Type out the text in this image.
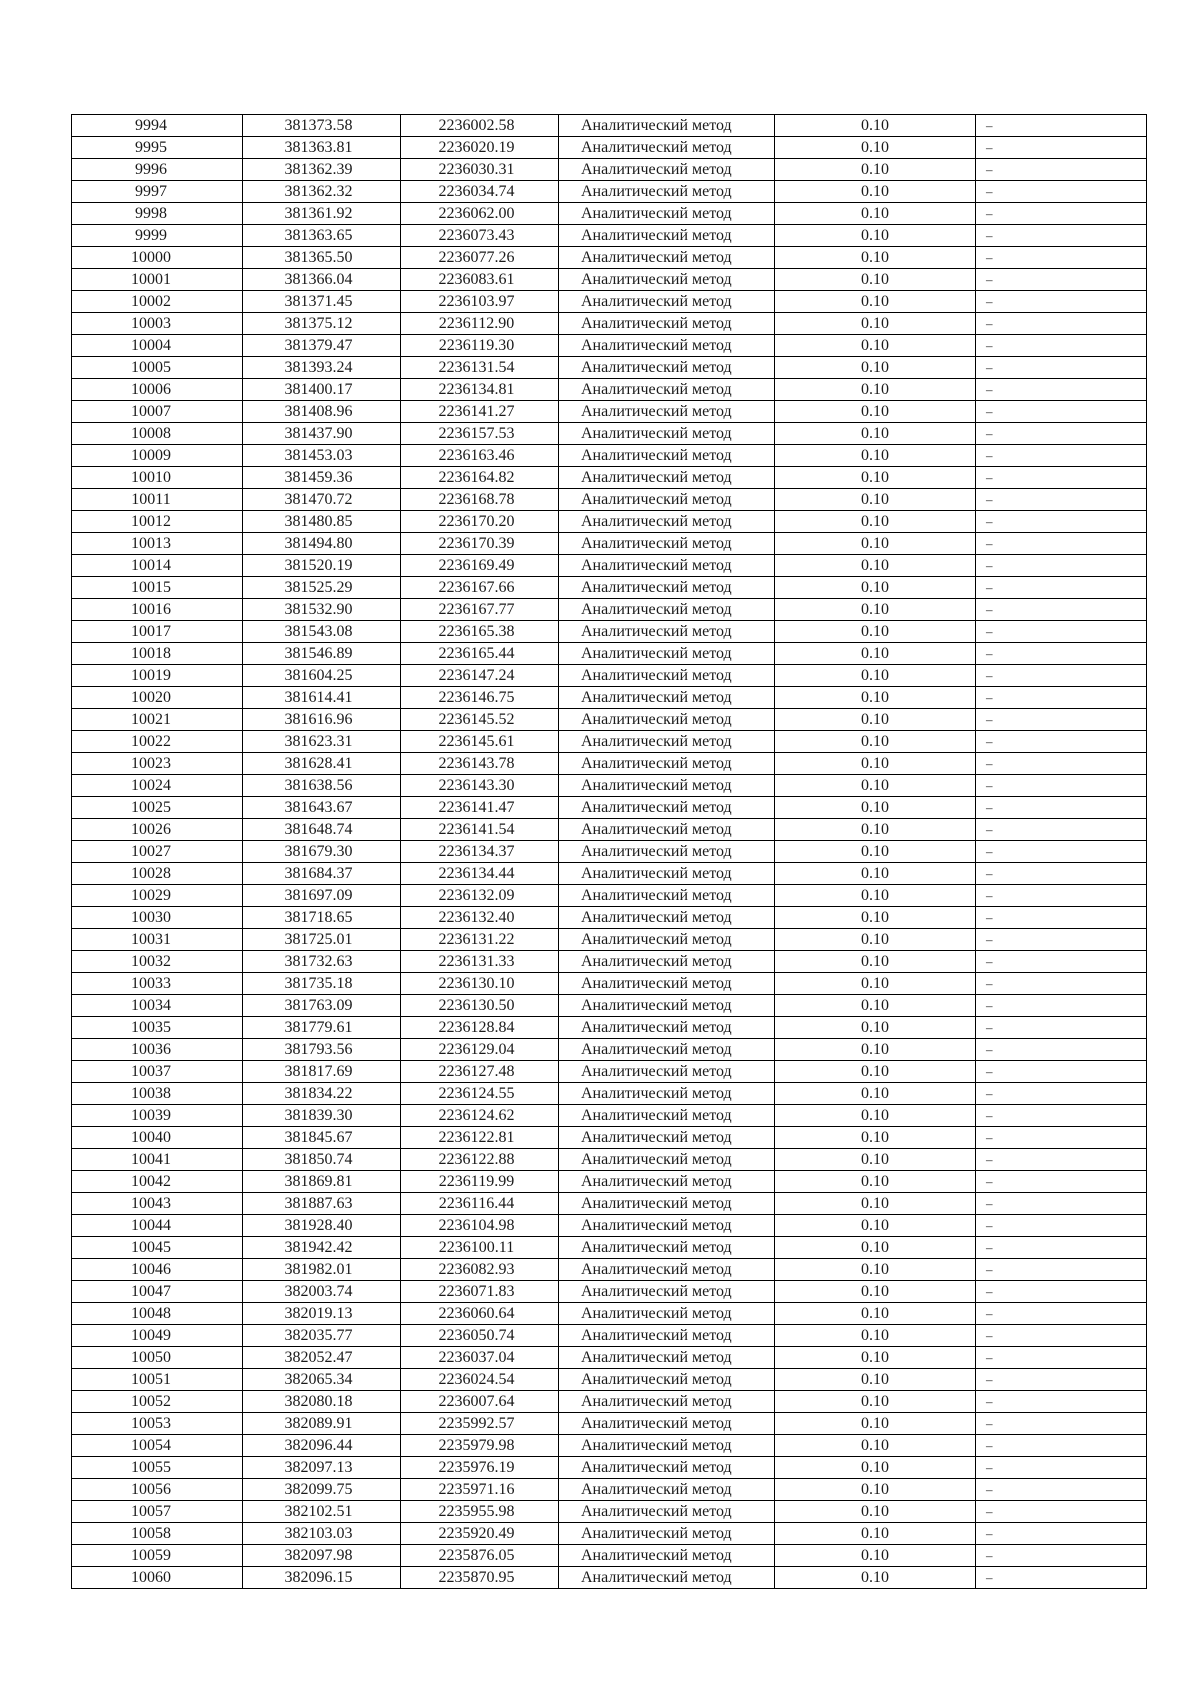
9994	381373.58	2236002.58	Аналитический метод	0.10	–
9995	381363.81	2236020.19	Аналитический метод	0.10	–
9996	381362.39	2236030.31	Аналитический метод	0.10	–
9997	381362.32	2236034.74	Аналитический метод	0.10	–
9998	381361.92	2236062.00	Аналитический метод	0.10	–
9999	381363.65	2236073.43	Аналитический метод	0.10	–
10000	381365.50	2236077.26	Аналитический метод	0.10	–
10001	381366.04	2236083.61	Аналитический метод	0.10	–
10002	381371.45	2236103.97	Аналитический метод	0.10	–
10003	381375.12	2236112.90	Аналитический метод	0.10	–
10004	381379.47	2236119.30	Аналитический метод	0.10	–
10005	381393.24	2236131.54	Аналитический метод	0.10	–
10006	381400.17	2236134.81	Аналитический метод	0.10	–
10007	381408.96	2236141.27	Аналитический метод	0.10	–
10008	381437.90	2236157.53	Аналитический метод	0.10	–
10009	381453.03	2236163.46	Аналитический метод	0.10	–
10010	381459.36	2236164.82	Аналитический метод	0.10	–
10011	381470.72	2236168.78	Аналитический метод	0.10	–
10012	381480.85	2236170.20	Аналитический метод	0.10	–
10013	381494.80	2236170.39	Аналитический метод	0.10	–
10014	381520.19	2236169.49	Аналитический метод	0.10	–
10015	381525.29	2236167.66	Аналитический метод	0.10	–
10016	381532.90	2236167.77	Аналитический метод	0.10	–
10017	381543.08	2236165.38	Аналитический метод	0.10	–
10018	381546.89	2236165.44	Аналитический метод	0.10	–
10019	381604.25	2236147.24	Аналитический метод	0.10	–
10020	381614.41	2236146.75	Аналитический метод	0.10	–
10021	381616.96	2236145.52	Аналитический метод	0.10	–
10022	381623.31	2236145.61	Аналитический метод	0.10	–
10023	381628.41	2236143.78	Аналитический метод	0.10	–
10024	381638.56	2236143.30	Аналитический метод	0.10	–
10025	381643.67	2236141.47	Аналитический метод	0.10	–
10026	381648.74	2236141.54	Аналитический метод	0.10	–
10027	381679.30	2236134.37	Аналитический метод	0.10	–
10028	381684.37	2236134.44	Аналитический метод	0.10	–
10029	381697.09	2236132.09	Аналитический метод	0.10	–
10030	381718.65	2236132.40	Аналитический метод	0.10	–
10031	381725.01	2236131.22	Аналитический метод	0.10	–
10032	381732.63	2236131.33	Аналитический метод	0.10	–
10033	381735.18	2236130.10	Аналитический метод	0.10	–
10034	381763.09	2236130.50	Аналитический метод	0.10	–
10035	381779.61	2236128.84	Аналитический метод	0.10	–
10036	381793.56	2236129.04	Аналитический метод	0.10	–
10037	381817.69	2236127.48	Аналитический метод	0.10	–
10038	381834.22	2236124.55	Аналитический метод	0.10	–
10039	381839.30	2236124.62	Аналитический метод	0.10	–
10040	381845.67	2236122.81	Аналитический метод	0.10	–
10041	381850.74	2236122.88	Аналитический метод	0.10	–
10042	381869.81	2236119.99	Аналитический метод	0.10	–
10043	381887.63	2236116.44	Аналитический метод	0.10	–
10044	381928.40	2236104.98	Аналитический метод	0.10	–
10045	381942.42	2236100.11	Аналитический метод	0.10	–
10046	381982.01	2236082.93	Аналитический метод	0.10	–
10047	382003.74	2236071.83	Аналитический метод	0.10	–
10048	382019.13	2236060.64	Аналитический метод	0.10	–
10049	382035.77	2236050.74	Аналитический метод	0.10	–
10050	382052.47	2236037.04	Аналитический метод	0.10	–
10051	382065.34	2236024.54	Аналитический метод	0.10	–
10052	382080.18	2236007.64	Аналитический метод	0.10	–
10053	382089.91	2235992.57	Аналитический метод	0.10	–
10054	382096.44	2235979.98	Аналитический метод	0.10	–
10055	382097.13	2235976.19	Аналитический метод	0.10	–
10056	382099.75	2235971.16	Аналитический метод	0.10	–
10057	382102.51	2235955.98	Аналитический метод	0.10	–
10058	382103.03	2235920.49	Аналитический метод	0.10	–
10059	382097.98	2235876.05	Аналитический метод	0.10	–
10060	382096.15	2235870.95	Аналитический метод	0.10	–
